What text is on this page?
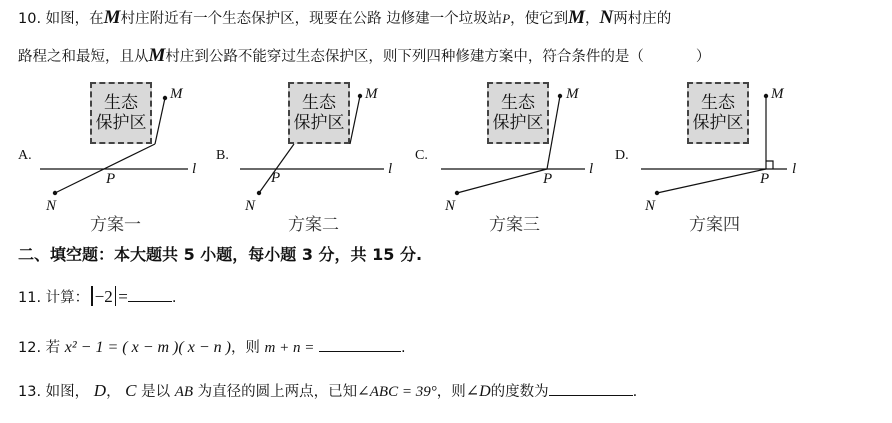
10. 如图，在M村庄附近有一个生态保护区，现要在公路 边修建一个垃圾站P，使它到M，N两村庄的
路程之和最短，且从M村庄到公路不能穿过生态保护区，则下列四种修建方案中，符合条件的是（	）
A.
生态
保护区
M
P
l
N
方案一
B.
生态
保护区
M
P
l
N
方案二
C.
生态
保护区
M
P
l
N
方案三
D.
生态
保护区
M
P
l
N
方案四
二、填空题：本大题共 5 小题，每小题 3 分，共 15 分.
11. 计算： −2 =	.
12. 若 x² − 1 = ( x − m )( x − n )，则 m + n =	.
13. 如图， D， C 是以 AB 为直径的圆上两点，已知∠ABC = 39°，则∠D的度数为	.
